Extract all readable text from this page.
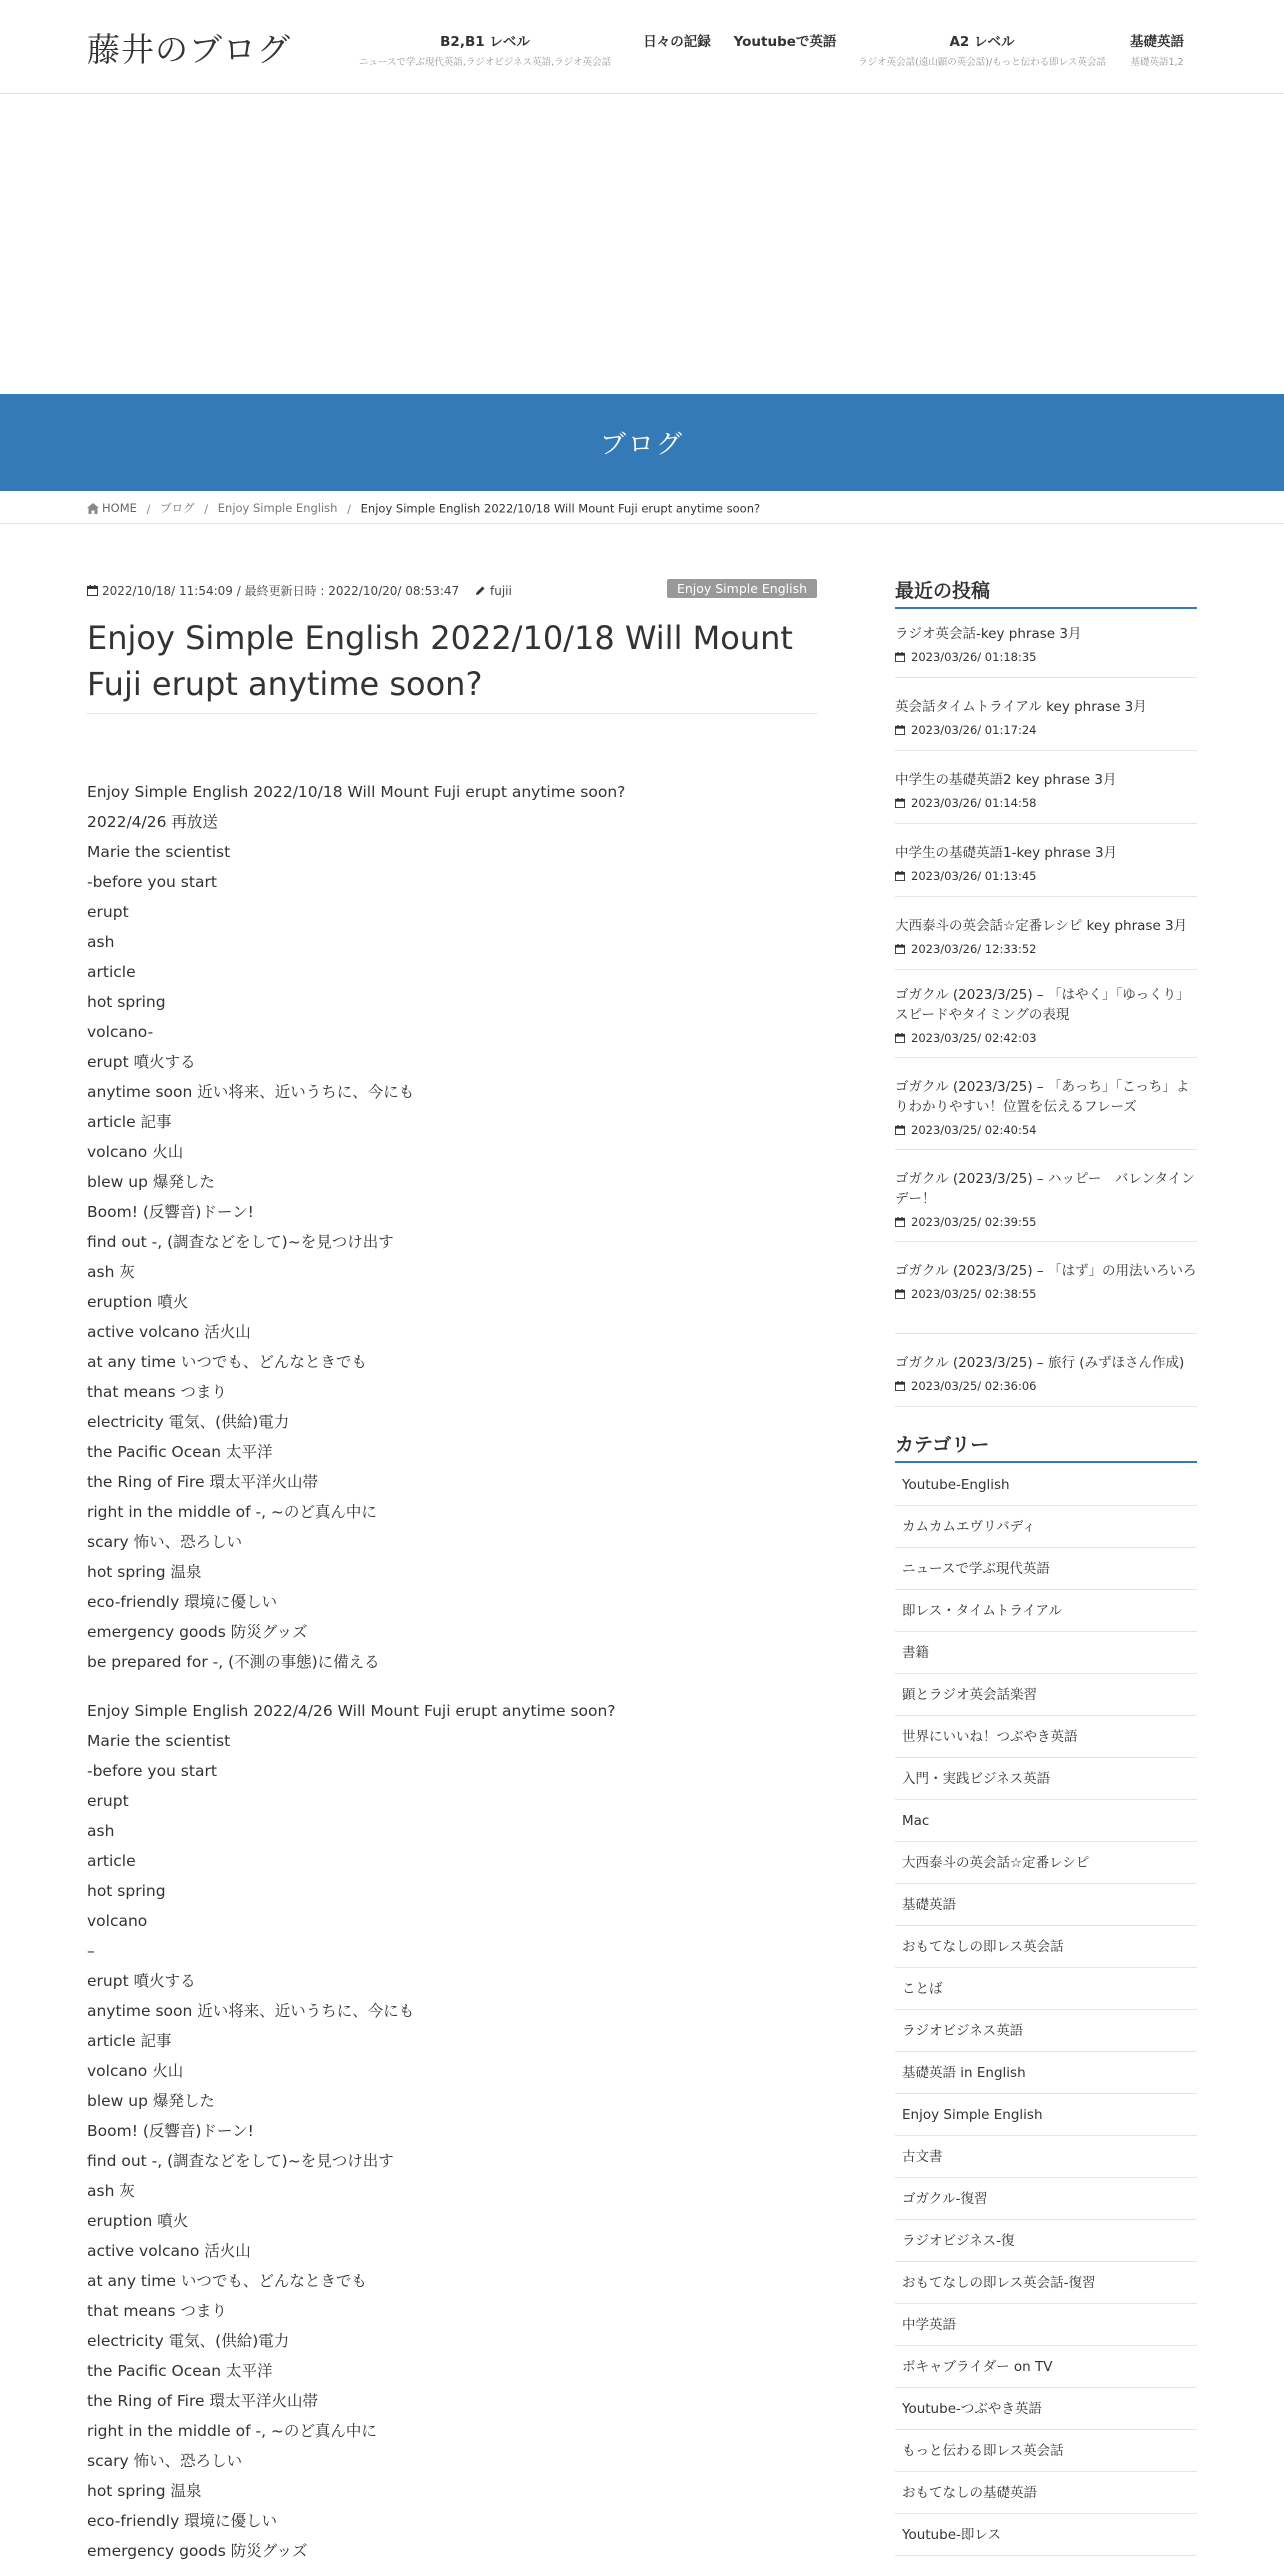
藤井のブログ	B2,B1 レベル
ニュースで学ぶ現代英語,ラジオビジネス英語,ラジオ英会話
日々の記録	Youtubeで英語	A2 レベル
ラジオ英会話(遠山顕の英会話)/もっと伝わる即レス英会話
基礎英語
基礎英語1,2
ブログ
HOME / ブログ / Enjoy Simple English / Enjoy Simple English 2022/10/18 Will Mount Fuji erupt anytime soon?
2022/10/18/ 11:54:09 / 最終更新日時 : 2022/10/20/ 08:53:47	fujii	Enjoy Simple English
Enjoy Simple English 2022/10/18 Will Mount Fuji erupt anytime soon?
Enjoy Simple English 2022/10/18 Will Mount Fuji erupt anytime soon?
2022/4/26 再放送
Marie the scientist
-before you start
erupt
ash
article
hot spring
volcano-
erupt 噴火する
anytime soon 近い将来、近いうちに、今にも
article 記事
volcano 火山
blew up 爆発した
Boom! (反響音)ドーン!
find out -, (調査などをして)~を見つけ出す
ash 灰
eruption 噴火
active volcano 活火山
at any time いつでも、どんなときでも
that means つまり
electricity 電気、(供給)電力
the Pacific Ocean 太平洋
the Ring of Fire 環太平洋火山帯
right in the middle of -, ~のど真ん中に
scary 怖い、恐ろしい
hot spring 温泉
eco-friendly 環境に優しい
emergency goods 防災グッズ
be prepared for -, (不測の事態)に備える
Enjoy Simple English 2022/4/26 Will Mount Fuji erupt anytime soon?
Marie the scientist
-before you start
erupt
ash
article
hot spring
volcano
–
erupt 噴火する
anytime soon 近い将来、近いうちに、今にも
article 記事
volcano 火山
blew up 爆発した
Boom! (反響音)ドーン!
find out -, (調査などをして)~を見つけ出す
ash 灰
eruption 噴火
active volcano 活火山
at any time いつでも、どんなときでも
that means つまり
electricity 電気、(供給)電力
the Pacific Ocean 太平洋
the Ring of Fire 環太平洋火山帯
right in the middle of -, ~のど真ん中に
scary 怖い、恐ろしい
hot spring 温泉
eco-friendly 環境に優しい
emergency goods 防災グッズ
最近の投稿
ラジオ英会話-key phrase 3月
2023/03/26/ 01:18:35
英会話タイムトライアル key phrase 3月
2023/03/26/ 01:17:24
中学生の基礎英語2 key phrase 3月
2023/03/26/ 01:14:58
中学生の基礎英語1-key phrase 3月
2023/03/26/ 01:13:45
大西泰斗の英会話☆定番レシピ key phrase 3月
2023/03/26/ 12:33:52
ゴガクル (2023/3/25) – 「はやく」「ゆっくり」スピードやタイミングの表現
2023/03/25/ 02:42:03
ゴガクル (2023/3/25) – 「あっち」「こっち」よりわかりやすい！位置を伝えるフレーズ
2023/03/25/ 02:40:54
ゴガクル (2023/3/25) – ハッピー　バレンタインデー！
2023/03/25/ 02:39:55
ゴガクル (2023/3/25) – 「はず」の用法いろいろ
2023/03/25/ 02:38:55
ゴガクル (2023/3/25) – 旅行 (みずほさん作成)
2023/03/25/ 02:36:06
カテゴリー
Youtube-English
カムカムエヴリバディ
ニュースで学ぶ現代英語
即レス・タイムトライアル
書籍
顕とラジオ英会話楽習
世界にいいね！つぶやき英語
入門・実践ビジネス英語
Mac
大西泰斗の英会話☆定番レシピ
基礎英語
おもてなしの即レス英会話
ことば
ラジオビジネス英語
基礎英語 in English
Enjoy Simple English
古文書
ゴガクル-復習
ラジオビジネス-復
おもてなしの即レス英会話-復習
中学英語
ボキャブライダー on TV
Youtube-つぶやき英語
もっと伝わる即レス英会話
おもてなしの基礎英語
Youtube-即レス
